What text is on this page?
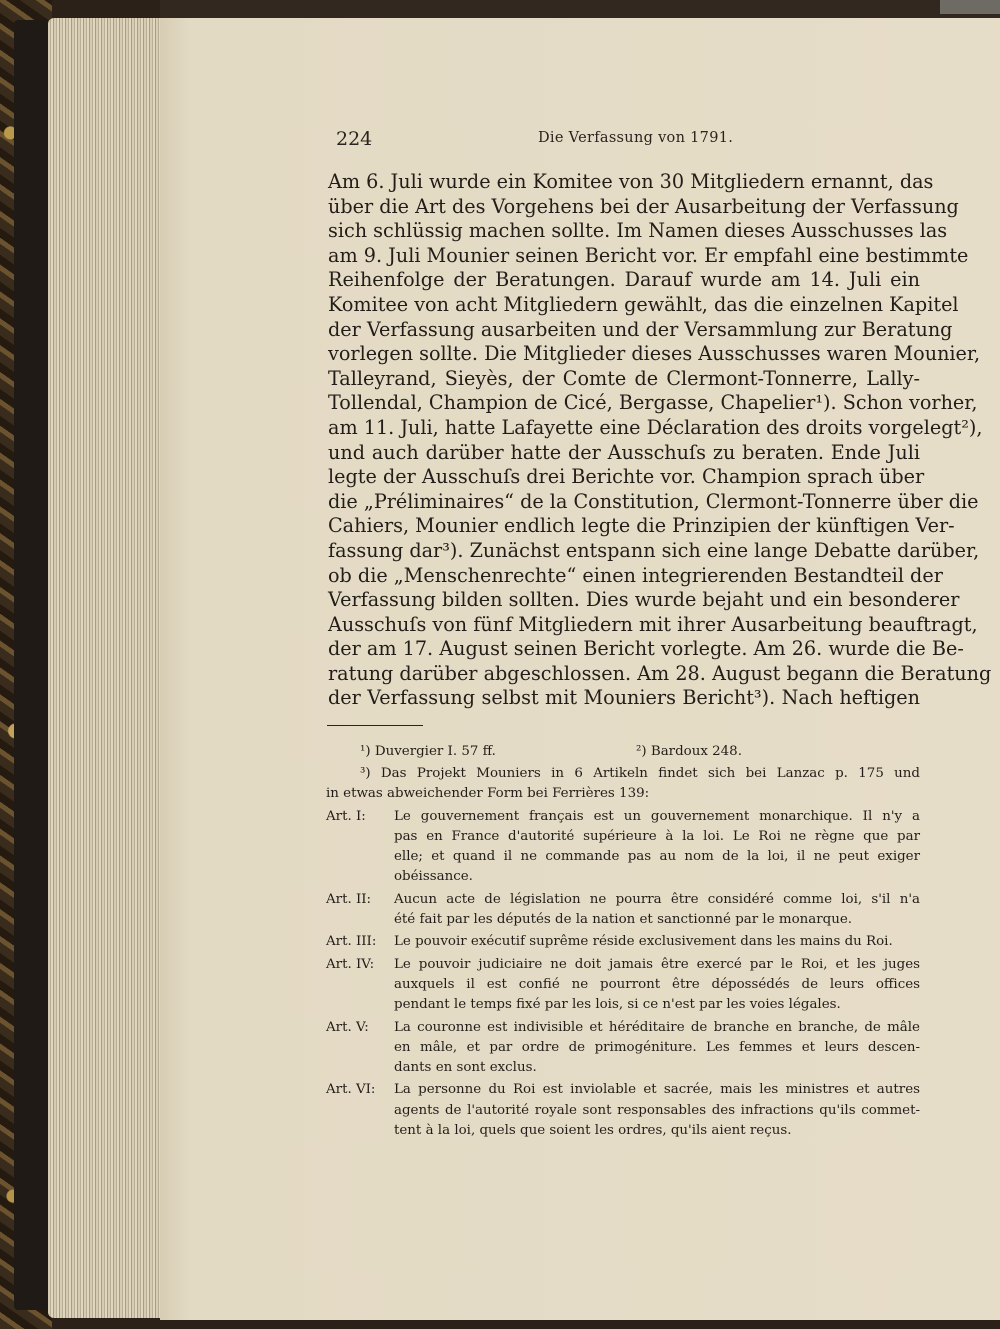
224	Die Verfassung von 1791.
Am 6. Juli wurde ein Komitee von 30 Mitgliedern ernannt, das
über die Art des Vorgehens bei der Ausarbeitung der Verfassung
sich schlüssig machen sollte. Im Namen dieses Ausschusses las
am 9. Juli Mounier seinen Bericht vor. Er empfahl eine bestimmte
Reihenfolge der Beratungen. Darauf wurde am 14. Juli ein
Komitee von acht Mitgliedern gewählt, das die einzelnen Kapitel
der Verfassung ausarbeiten und der Versammlung zur Beratung
vorlegen sollte. Die Mitglieder dieses Ausschusses waren Mounier,
Talleyrand, Sieyès, der Comte de Clermont-Tonnerre, Lally-
Tollendal, Champion de Cicé, Bergasse, Chapelier¹). Schon vorher,
am 11. Juli, hatte Lafayette eine Déclaration des droits vorgelegt²),
und auch darüber hatte der Ausschuſs zu beraten. Ende Juli
legte der Ausschuſs drei Berichte vor. Champion sprach über
die „Préliminaires“ de la Constitution, Clermont-Tonnerre über die
Cahiers, Mounier endlich legte die Prinzipien der künftigen Ver-
fassung dar³). Zunächst entspann sich eine lange Debatte darüber,
ob die „Menschenrechte“ einen integrierenden Bestandteil der
Verfassung bilden sollten. Dies wurde bejaht und ein besonderer
Ausschuſs von fünf Mitgliedern mit ihrer Ausarbeitung beauftragt,
der am 17. August seinen Bericht vorlegte. Am 26. wurde die Be-
ratung darüber abgeschlossen. Am 28. August begann die Beratung
der Verfassung selbst mit Mouniers Bericht³). Nach heftigen
¹) Duvergier I. 57 ff.	²) Bardoux 248.
³) Das Projekt Mouniers in 6 Artikeln findet sich bei Lanzac p. 175 und
in etwas abweichender Form bei Ferrières 139:
Art. I:	Le gouvernement français est un gouvernement monarchique. Il n'y a
pas en France d'autorité supérieure à la loi. Le Roi ne règne que par
elle; et quand il ne commande pas au nom de la loi, il ne peut exiger
obéissance.
Art. II:	Aucun acte de législation ne pourra être considéré comme loi, s'il n'a
été fait par les députés de la nation et sanctionné par le monarque.
Art. III:	Le pouvoir exécutif suprême réside exclusivement dans les mains du Roi.
Art. IV:	Le pouvoir judiciaire ne doit jamais être exercé par le Roi, et les juges
auxquels il est confié ne pourront être dépossédés de leurs offices
pendant le temps fixé par les lois, si ce n'est par les voies légales.
Art. V:	La couronne est indivisible et héréditaire de branche en branche, de mâle
en mâle, et par ordre de primogéniture. Les femmes et leurs descen-
dants en sont exclus.
Art. VI:	La personne du Roi est inviolable et sacrée, mais les ministres et autres
agents de l'autorité royale sont responsables des infractions qu'ils commet-
tent à la loi, quels que soient les ordres, qu'ils aient reçus.
